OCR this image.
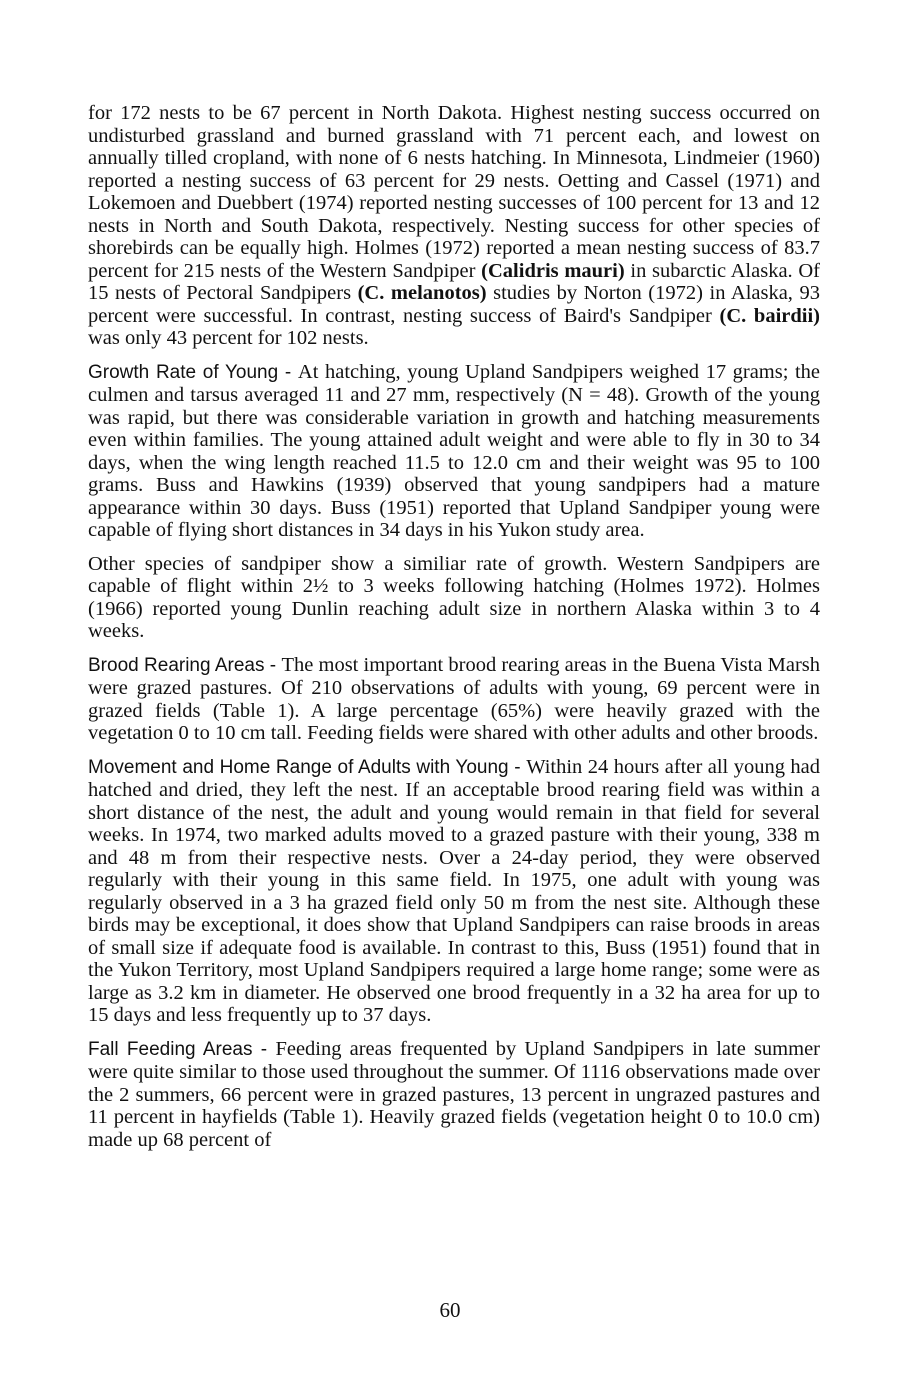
for 172 nests to be 67 percent in North Dakota. Highest nesting success occurred on undisturbed grassland and burned grassland with 71 percent each, and lowest on annually tilled cropland, with none of 6 nests hatching. In Minnesota, Lindmeier (1960) reported a nesting success of 63 percent for 29 nests. Oetting and Cassel (1971) and Lokemoen and Duebbert (1974) reported nesting successes of 100 percent for 13 and 12 nests in North and South Dakota, respectively. Nesting success for other species of shorebirds can be equally high. Holmes (1972) reported a mean nesting success of 83.7 percent for 215 nests of the Western Sandpiper (Calidris mauri) in subarctic Alaska. Of 15 nests of Pectoral Sandpipers (C. melanotos) studies by Norton (1972) in Alaska, 93 percent were successful. In contrast, nesting success of Baird's Sandpiper (C. bairdii) was only 43 percent for 102 nests.

Growth Rate of Young - At hatching, young Upland Sandpipers weighed 17 grams; the culmen and tarsus averaged 11 and 27 mm, respectively (N = 48). Growth of the young was rapid, but there was considerable variation in growth and hatching measurements even within families. The young attained adult weight and were able to fly in 30 to 34 days, when the wing length reached 11.5 to 12.0 cm and their weight was 95 to 100 grams. Buss and Hawkins (1939) observed that young sandpipers had a mature appearance within 30 days. Buss (1951) reported that Upland Sandpiper young were capable of flying short distances in 34 days in his Yukon study area.

Other species of sandpiper show a similiar rate of growth. Western Sandpipers are capable of flight within 2½ to 3 weeks following hatching (Holmes 1972). Holmes (1966) reported young Dunlin reaching adult size in northern Alaska within 3 to 4 weeks.

Brood Rearing Areas - The most important brood rearing areas in the Buena Vista Marsh were grazed pastures. Of 210 observations of adults with young, 69 percent were in grazed fields (Table 1). A large percentage (65%) were heavily grazed with the vegetation 0 to 10 cm tall. Feeding fields were shared with other adults and other broods.

Movement and Home Range of Adults with Young - Within 24 hours after all young had hatched and dried, they left the nest. If an acceptable brood rearing field was within a short distance of the nest, the adult and young would remain in that field for several weeks. In 1974, two marked adults moved to a grazed pasture with their young, 338 m and 48 m from their respective nests. Over a 24-day period, they were observed regularly with their young in this same field. In 1975, one adult with young was regularly observed in a 3 ha grazed field only 50 m from the nest site. Although these birds may be exceptional, it does show that Upland Sandpipers can raise broods in areas of small size if adequate food is available. In contrast to this, Buss (1951) found that in the Yukon Territory, most Upland Sandpipers required a large home range; some were as large as 3.2 km in diameter. He observed one brood frequently in a 32 ha area for up to 15 days and less frequently up to 37 days.

Fall Feeding Areas - Feeding areas frequented by Upland Sandpipers in late summer were quite similar to those used throughout the summer. Of 1116 observations made over the 2 summers, 66 percent were in grazed pastures, 13 percent in ungrazed pastures and 11 percent in hayfields (Table 1). Heavily grazed fields (vegetation height 0 to 10.0 cm) made up 68 percent of

60
